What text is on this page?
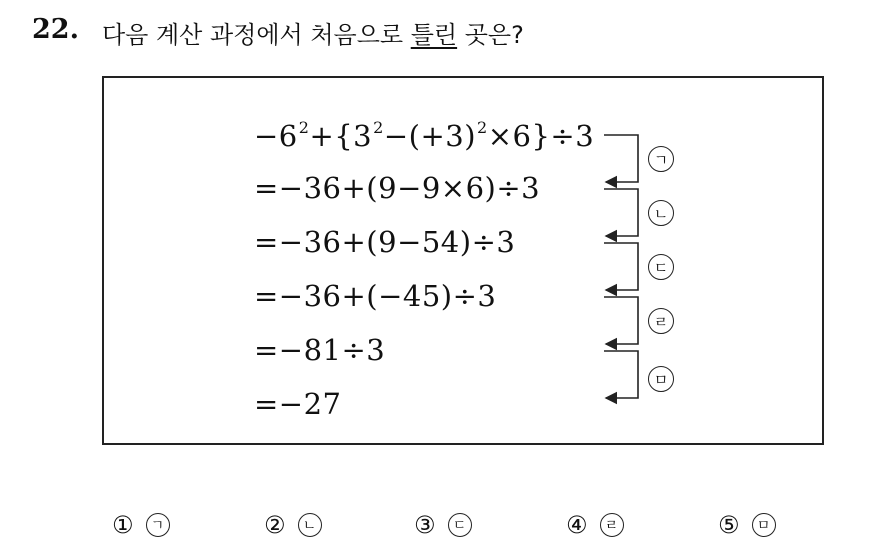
22. 다음 계산 과정에서 처음으로 틀린 곳은?
$-6^2+\{3^2-(+3)^2\times 6\}\div 3$
=−36+(9−9×6)÷3
=−36+(9−54)÷3
=−36+(−45)÷3
=−81÷3
=−27
ㄱ
ㄴ
ㄷ
ㄹ
ㅁ
①	ㄱ	②	ㄴ	③	ㄷ	④	ㄹ	⑤	ㅁ
